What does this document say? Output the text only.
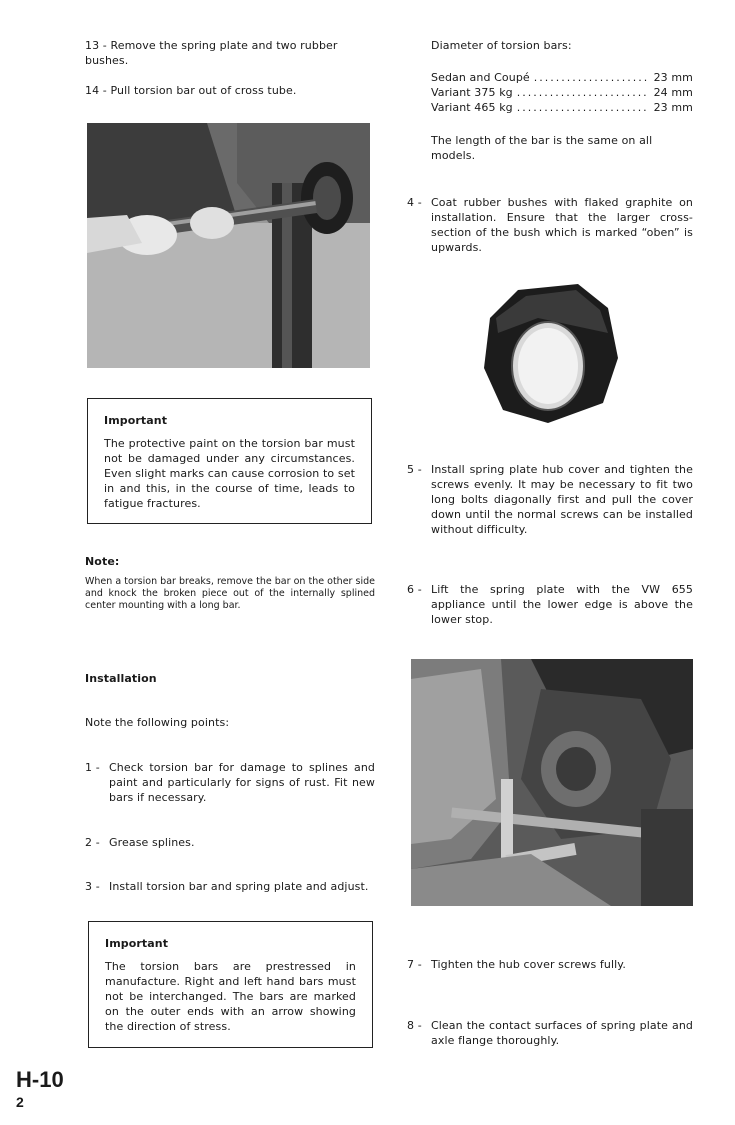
13 - Remove the spring plate and two rubber bushes.
14 - Pull torsion bar out of cross tube.
Important
The protective paint on the torsion bar must not be damaged under any circumstances. Even slight marks can cause corrosion to set in and this, in the course of time, leads to fatigue fractures.
Note:
When a torsion bar breaks, remove the bar on the other side and knock the broken piece out of the internally splined center mounting with a long bar.
Installation
Note the following points:
1 - Check torsion bar for damage to splines and paint and particularly for signs of rust. Fit new bars if necessary.
2 - Grease splines.
3 - Install torsion bar and spring plate and adjust.
Important
The torsion bars are prestressed in manufacture. Right and left hand bars must not be interchanged. The bars are marked on the outer ends with an arrow showing the direction of stress.
Diameter of torsion bars:
Sedan and Coupé .....	23 mm
Variant 375 kg .....	24 mm
Variant 465 kg .....	23 mm
The length of the bar is the same on all models.
4 - Coat rubber bushes with flaked graphite on installation. Ensure that the larger cross-section of the bush which is marked “oben” is upwards.
5 - Install spring plate hub cover and tighten the screws evenly. It may be necessary to fit two long bolts diagonally first and pull the cover down until the normal screws can be installed without difficulty.
6 - Lift the spring plate with the VW 655 appliance until the lower edge is above the lower stop.
7 - Tighten the hub cover screws fully.
8 - Clean the contact surfaces of spring plate and axle flange thoroughly.
H-10
2
